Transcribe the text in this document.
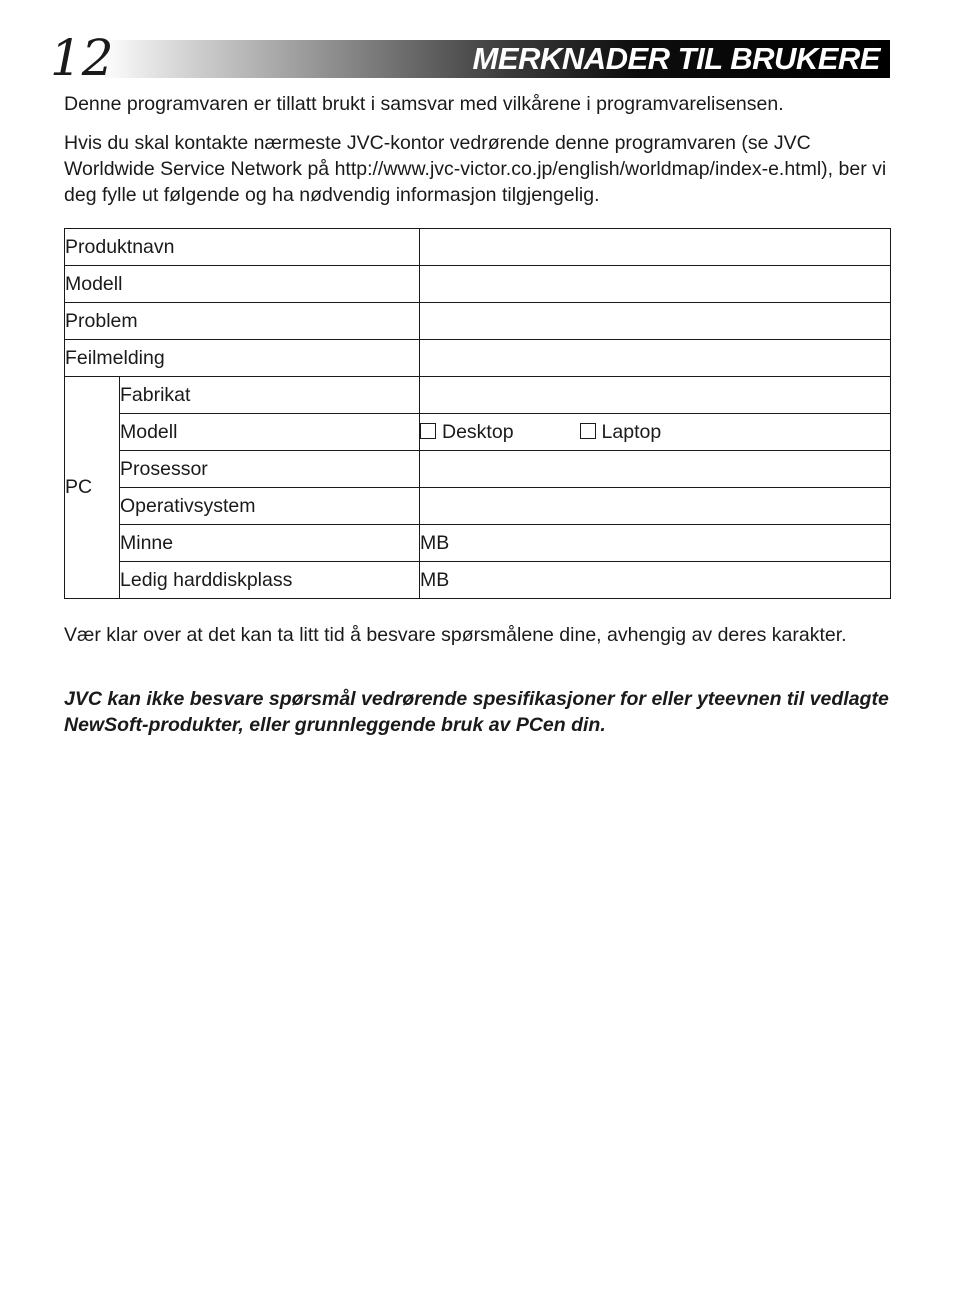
12	MERKNADER TIL BRUKERE

Denne programvaren er tillatt brukt i samsvar med vilkårene i programvarelisensen.

Hvis du skal kontakte nærmeste JVC-kontor vedrørende denne programvaren (se JVC Worldwide Service Network på http://www.jvc-victor.co.jp/english/worldmap/index-e.html), ber vi deg fylle ut følgende og ha nødvendig informasjon tilgjengelig.

Produktnavn		
Modell		
Problem		
Feilmelding		
PC	Fabrikat	
	Modell	Desktop Laptop
	Prosessor	
	Operativsystem	
	Minne	MB
	Ledig harddiskplass	MB

Vær klar over at det kan ta litt tid å besvare spørsmålene dine, avhengig av deres karakter.

JVC kan ikke besvare spørsmål vedrørende spesifikasjoner for eller yteevnen til vedlagte NewSoft-produkter, eller grunnleggende bruk av PCen din.
